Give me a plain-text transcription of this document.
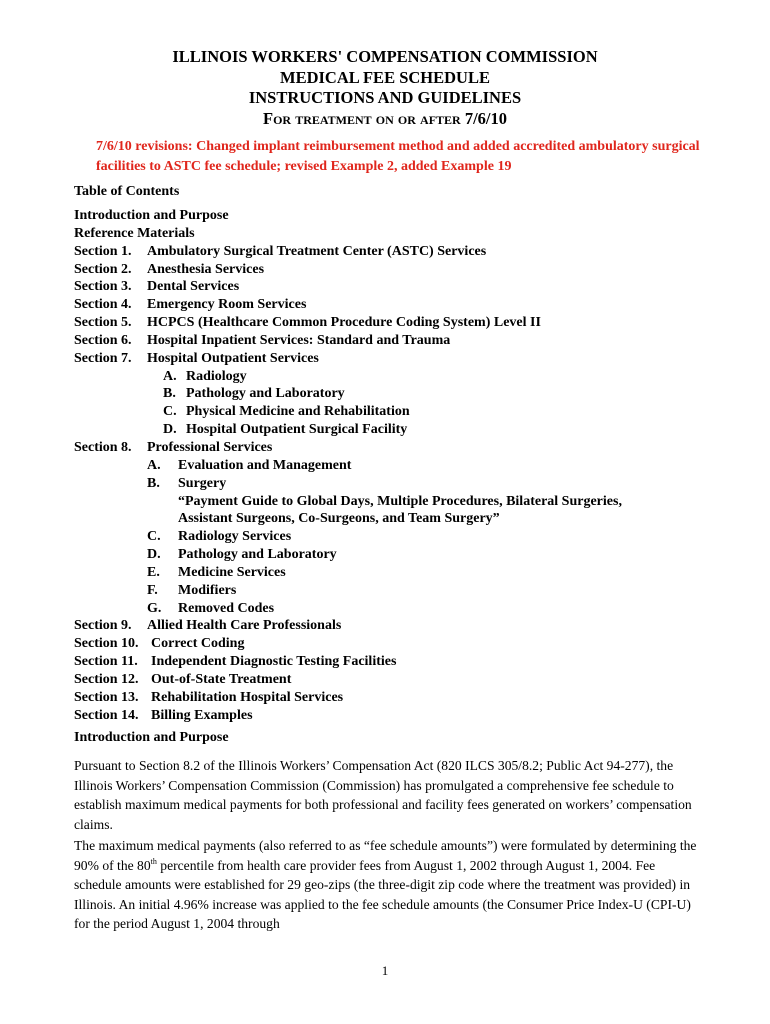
ILLINOIS WORKERS' COMPENSATION COMMISSION
MEDICAL FEE SCHEDULE
INSTRUCTIONS AND GUIDELINES
For treatment on or after 7/6/10
7/6/10 revisions: Changed implant reimbursement method and added accredited ambulatory surgical facilities to ASTC fee schedule; revised Example 2, added Example 19
Table of Contents
Introduction and Purpose
Reference Materials
Section 1. Ambulatory Surgical Treatment Center (ASTC) Services
Section 2. Anesthesia Services
Section 3. Dental Services
Section 4. Emergency Room Services
Section 5. HCPCS (Healthcare Common Procedure Coding System) Level II
Section 6. Hospital Inpatient Services: Standard and Trauma
Section 7. Hospital Outpatient Services
A. Radiology
B. Pathology and Laboratory
C. Physical Medicine and Rehabilitation
D. Hospital Outpatient Surgical Facility
Section 8. Professional Services
A. Evaluation and Management
B. Surgery
“Payment Guide to Global Days, Multiple Procedures, Bilateral Surgeries,
Assistant Surgeons, Co-Surgeons, and Team Surgery”
C. Radiology Services
D. Pathology and Laboratory
E. Medicine Services
F. Modifiers
G. Removed Codes
Section 9. Allied Health Care Professionals
Section 10. Correct Coding
Section 11. Independent Diagnostic Testing Facilities
Section 12. Out-of-State Treatment
Section 13. Rehabilitation Hospital Services
Section 14. Billing Examples
Introduction and Purpose
Pursuant to Section 8.2 of the Illinois Workers’ Compensation Act (820 ILCS 305/8.2; Public Act 94-277), the Illinois Workers’ Compensation Commission (Commission) has promulgated a comprehensive fee schedule to establish maximum medical payments for both professional and facility fees generated on workers’ compensation claims.
The maximum medical payments (also referred to as “fee schedule amounts”) were formulated by determining the 90% of the 80th percentile from health care provider fees from August 1, 2002 through August 1, 2004. Fee schedule amounts were established for 29 geo-zips (the three-digit zip code where the treatment was provided) in Illinois. An initial 4.96% increase was applied to the fee schedule amounts (the Consumer Price Index-U (CPI-U) for the period August 1, 2004 through
1
